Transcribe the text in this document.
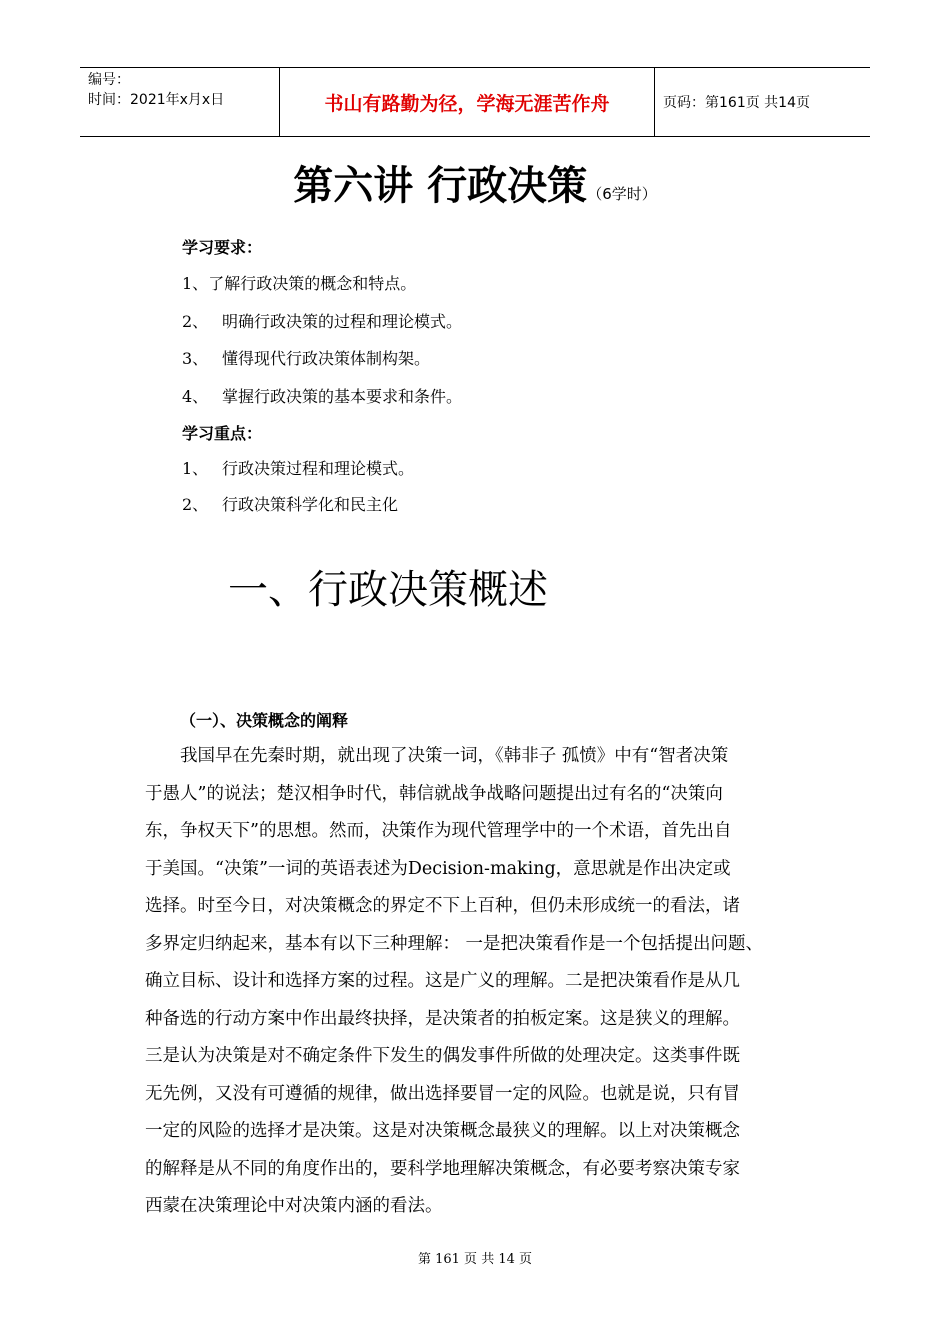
编号：
时间：2021年x月x日	书山有路勤为径，学海无涯苦作舟	页码：第161页 共14页
第六讲 行政决策（6学时）
学习要求：
1、了解行政决策的概念和特点。
2、 明确行政决策的过程和理论模式。
3、 懂得现代行政决策体制构架。
4、 掌握行政决策的基本要求和条件。
学习重点：
1、 行政决策过程和理论模式。
2、 行政决策科学化和民主化
一、行政决策概述
（一）、决策概念的阐释
　　我国早在先秦时期，就出现了决策一词，《韩非子 孤愤》中有“智者决策
于愚人”的说法；楚汉相争时代，韩信就战争战略问题提出过有名的“决策向
东，争权天下”的思想。然而，决策作为现代管理学中的一个术语，首先出自
于美国。“决策”一词的英语表述为Decision-making，意思就是作出决定或
选择。时至今日，对决策概念的界定不下上百种，但仍未形成统一的看法，诸
多界定归纳起来，基本有以下三种理解： 一是把决策看作是一个包括提出问题、
确立目标、设计和选择方案的过程。这是广义的理解。二是把决策看作是从几
种备选的行动方案中作出最终抉择，是决策者的拍板定案。这是狭义的理解。
三是认为决策是对不确定条件下发生的偶发事件所做的处理决定。这类事件既
无先例，又没有可遵循的规律，做出选择要冒一定的风险。也就是说，只有冒
一定的风险的选择才是决策。这是对决策概念最狭义的理解。以上对决策概念
的解释是从不同的角度作出的，要科学地理解决策概念，有必要考察决策专家
西蒙在决策理论中对决策内涵的看法。
第 161 页 共 14 页
